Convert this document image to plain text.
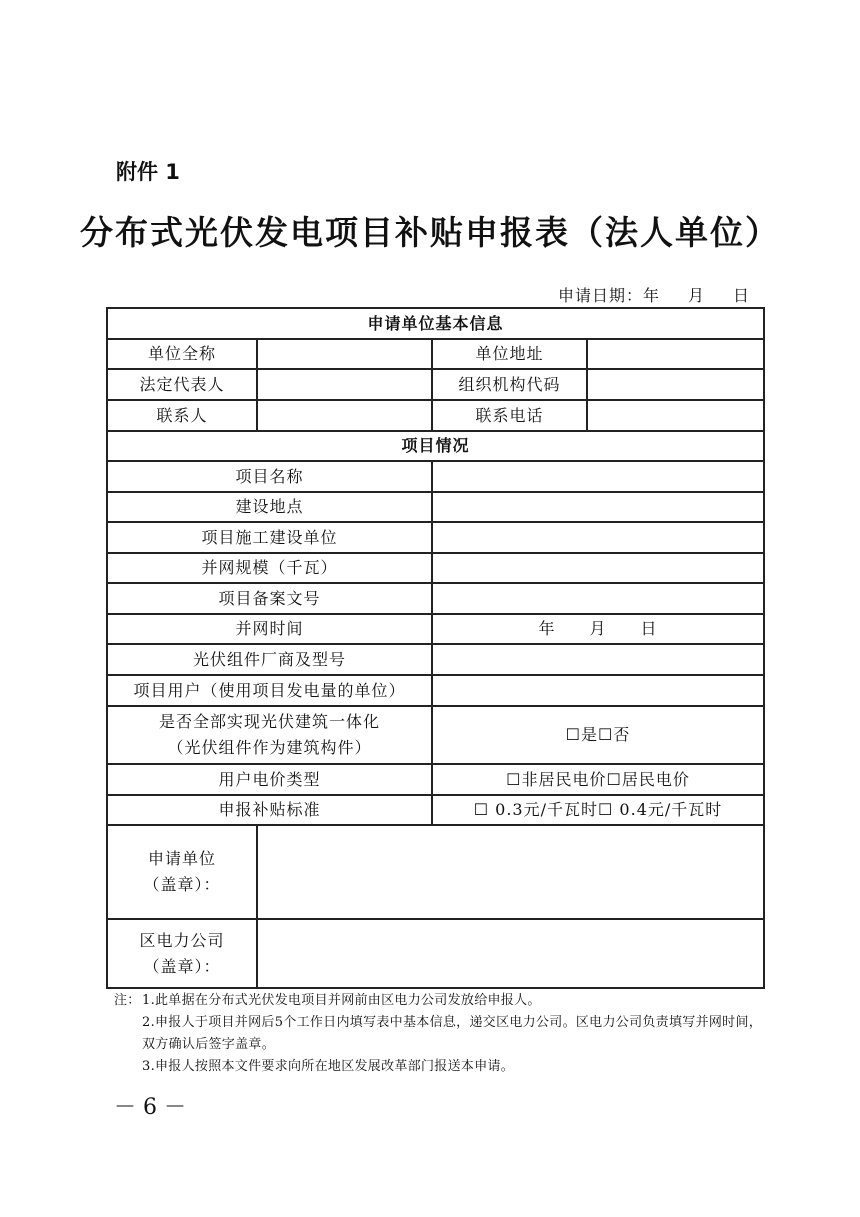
附件 1
分布式光伏发电项目补贴申报表（法人单位）
申请日期：年 月 日
申请单位基本信息			
单位全称		单位地址	
法定代表人		组织机构代码	
联系人		联系电话	
项目情况			
项目名称			
建设地点			
项目施工建设单位			
并网规模（千瓦）			
项目备案文号			
并网时间		年　　月　　日	
光伏组件厂商及型号			
项目用户（使用项目发电量的单位）			

是否全部实现光伏建筑一体化
（光伏组件作为建筑构件）		☐是☐否	
用户电价类型		☐非居民电价☐居民电价	
申报补贴标准		☐ 0.3元/千瓦时☐ 0.4元/千瓦时	

申请单位
（盖章）：			

区电力公司
（盖章）：			

注： 1.此单据在分布式光伏发电项目并网前由区电力公司发放给申报人。
2.申报人于项目并网后5个工作日内填写表中基本信息，递交区电力公司。区电力公司负责填写并网时间，双方确认后签字盖章。
3.申报人按照本文件要求向所在地区发展改革部门报送本申请。
－ 6 －
